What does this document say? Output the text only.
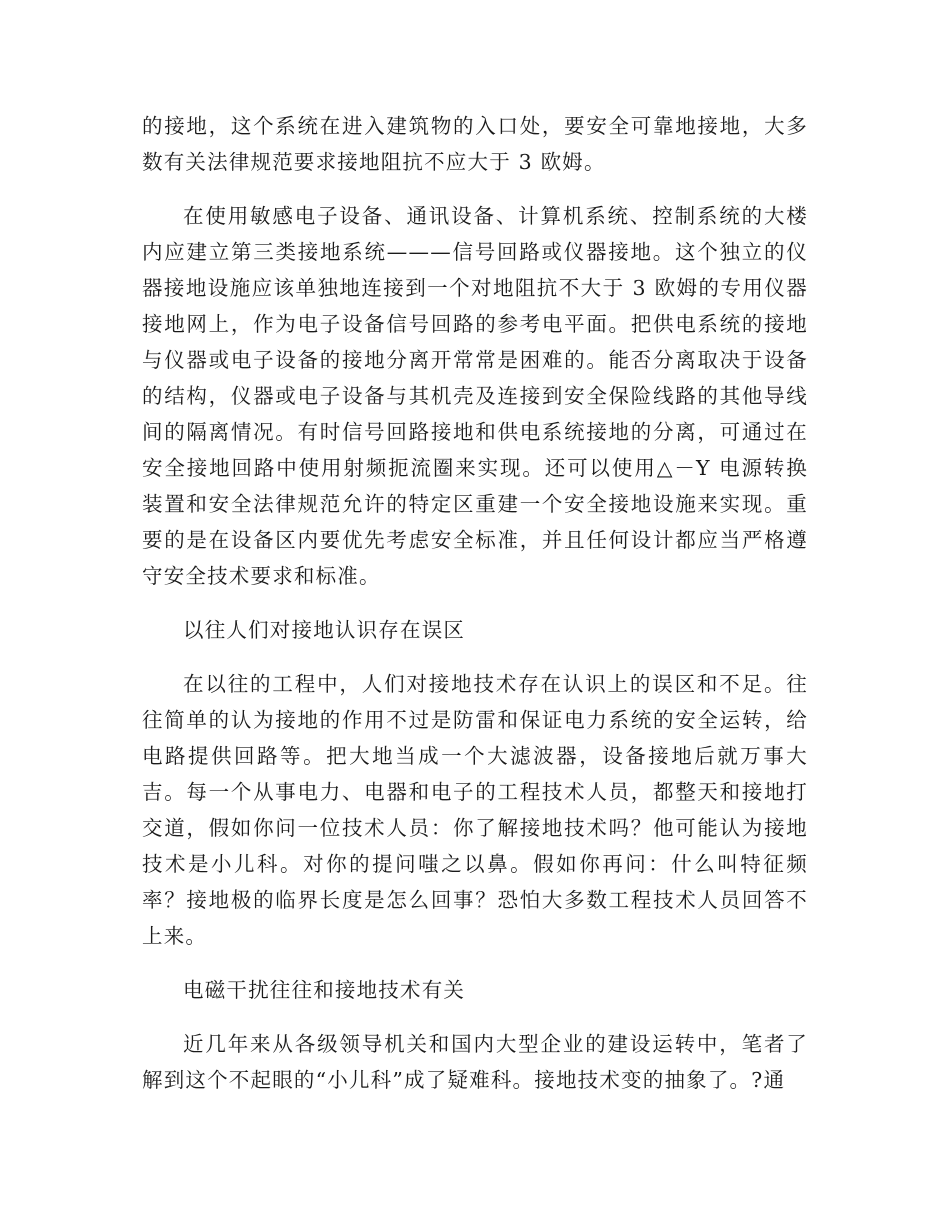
的接地，这个系统在进入建筑物的入口处，要安全可靠地接地，大多数有关法律规范要求接地阻抗不应大于 3 欧姆。

在使用敏感电子设备、通讯设备、计算机系统、控制系统的大楼内应建立第三类接地系统———信号回路或仪器接地。这个独立的仪器接地设施应该单独地连接到一个对地阻抗不大于 3 欧姆的专用仪器接地网上，作为电子设备信号回路的参考电平面。把供电系统的接地与仪器或电子设备的接地分离开常常是困难的。能否分离取决于设备的结构，仪器或电子设备与其机壳及连接到安全保险线路的其他导线间的隔离情况。有时信号回路接地和供电系统接地的分离，可通过在安全接地回路中使用射频扼流圈来实现。还可以使用△－Y 电源转换装置和安全法律规范允许的特定区重建一个安全接地设施来实现。重要的是在设备区内要优先考虑安全标准，并且任何设计都应当严格遵守安全技术要求和标准。

以往人们对接地认识存在误区

在以往的工程中，人们对接地技术存在认识上的误区和不足。往往简单的认为接地的作用不过是防雷和保证电力系统的安全运转，给电路提供回路等。把大地当成一个大滤波器，设备接地后就万事大吉。每一个从事电力、电器和电子的工程技术人员，都整天和接地打交道，假如你问一位技术人员：你了解接地技术吗？他可能认为接地技术是小儿科。对你的提问嗤之以鼻。假如你再问：什么叫特征频率？接地极的临界长度是怎么回事？恐怕大多数工程技术人员回答不上来。

电磁干扰往往和接地技术有关

近几年来从各级领导机关和国内大型企业的建设运转中，笔者了解到这个不起眼的“小儿科”成了疑难科。接地技术变的抽象了。?通
